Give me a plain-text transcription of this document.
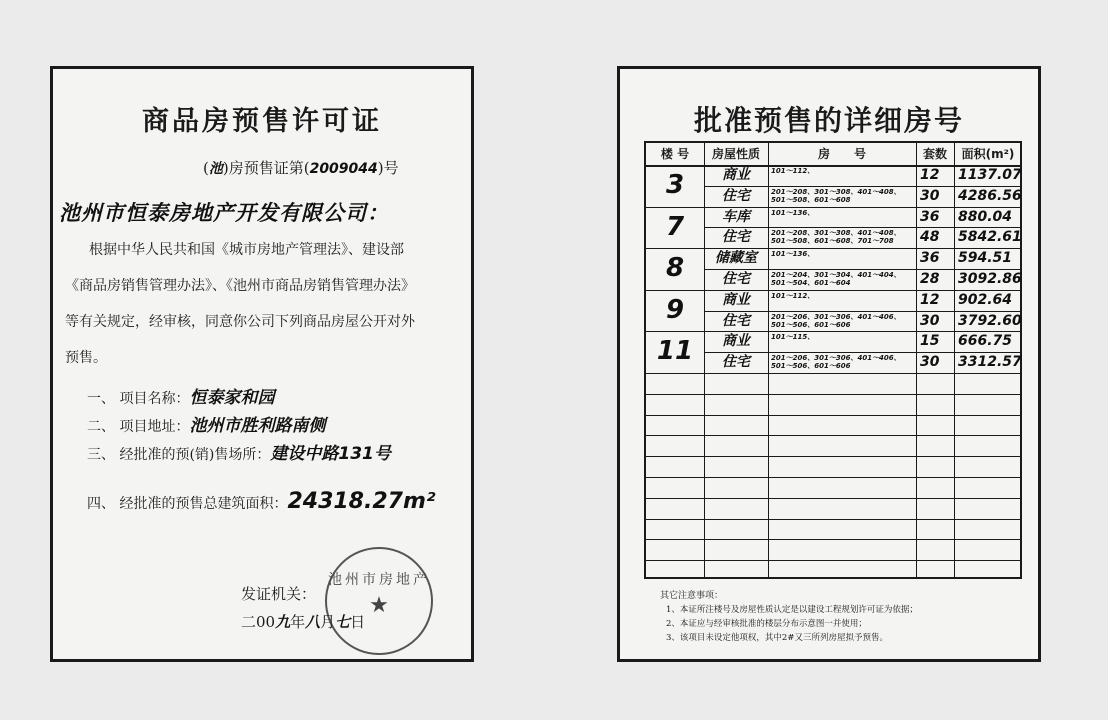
商品房预售许可证
(池)房预售证第(2009044)号
池州市恒泰房地产开发有限公司：
根据中华人民共和国《城市房地产管理法》、建设部
《商品房销售管理办法》、《池州市商品房销售管理办法》
等有关规定，经审核，同意你公司下列商品房屋公开对外
预售。
一、 项目名称：恒泰家和园
二、 项目地址：池州市胜利路南侧
三、 经批准的预(销)售场所：建设中路131号
四、 经批准的预售总建筑面积：24318.27m²
池州市房地产
★
发证机关：
二00九年八月七日
批准预售的详细房号
楼 号	房屋性质	房　　号	套数	面积(m²)
3	商业	101～112、	12	1137.07
住宅	201～208、301～308、401～408、
501～508、601～608	30	4286.56
7	车库	101～136、	36	880.04
住宅	201～208、301～308、401～408、
501～508、601～608、701～708	48	5842.61
8	储藏室	101～136、	36	594.51
住宅	201～204、301～304、401～404、
501～504、601～604	28	3092.86
9	商业	101～112、	12	902.64
住宅	201～206、301～306、401～406、
501～506、601～606	30	3792.60
11	商业	101～115、	15	666.75
住宅	201～206、301～306、401～406、
501～506、601～606	30	3312.57
其它注意事项：
1、本证所注楼号及房屋性质认定是以建设工程规划许可证为依据；
2、本证应与经审核批准的楼层分布示意图一并使用；
3、该项目未设定他项权，其中2#又三所列房屋拟予预售。
